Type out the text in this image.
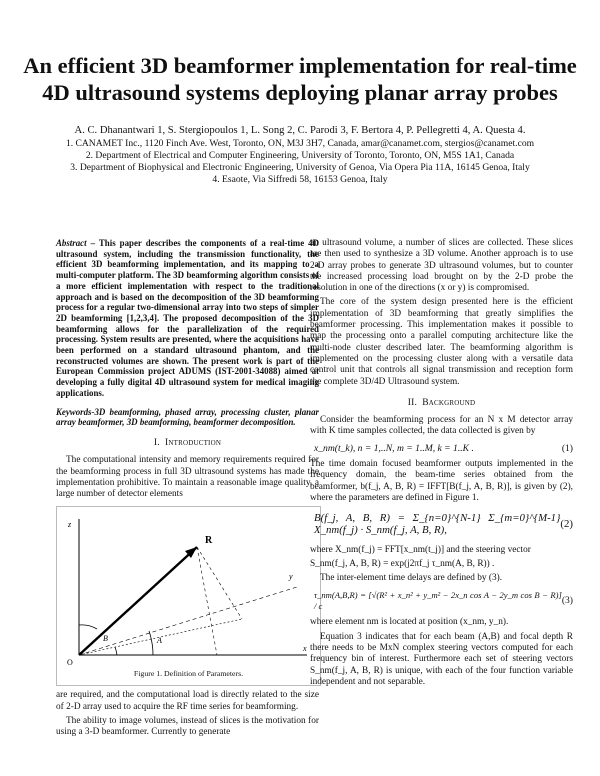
An efficient 3D beamformer implementation for real-time
4D ultrasound systems deploying planar array probes
A. C. Dhanantwari 1, S. Stergiopoulos 1, L. Song 2, C. Parodi 3, F. Bertora 4, P. Pellegretti 4, A. Questa 4.
1. CANAMET Inc., 1120 Finch Ave. West, Toronto, ON, M3J 3H7, Canada, amar@canamet.com, stergios@canamet.com
2. Department of Electrical and Computer Engineering, University of Toronto, Toronto, ON, M5S 1A1, Canada
3. Department of Biophysical and Electronic Engineering, University of Genoa, Via Opera Pia 11A, 16145 Genoa, Italy
4. Esaote, Via Siffredi 58, 16153 Genoa, Italy

Abstract – This paper describes the components of a real-time 4D ultrasound system, including the transmission functionality, the efficient 3D beamforming implementation, and its mapping to a multi-computer platform. The 3D beamforming algorithm consists of a more efficient implementation with respect to the traditional approach and is based on the decomposition of the 3D beamforming process for a regular two-dimensional array into two steps of simpler 2D beamforming [1,2,3,4]. The proposed decomposition of the 3D beamforming allows for the parallelization of the required processing. System results are presented, where the acquisitions have been performed on a standard ultrasound phantom, and the reconstructed volumes are shown. The present work is part of the European Commission project ADUMS (IST-2001-34088) aimed at developing a fully digital 4D ultrasound system for medical imaging applications.

Keywords-3D beamforming, phased array, processing cluster, planar array beamformer, 3D beamforming, beamformer decomposition.

I. Introduction

The computational intensity and memory requirements required for the beamforming process in full 3D ultrasound systems has made the implementation prohibitive. To maintain a reasonable image quality, a large number of detector elements

z
y
x
O
R
A
B
Figure 1. Definition of Parameters.

are required, and the computational load is directly related to the size of 2-D array used to acquire the RF time series for beamforming.

The ability to image volumes, instead of slices is the motivation for using a 3-D beamformer. Currently to generate

an ultrasound volume, a number of slices are collected. These slices are then used to synthesize a 3D volume. Another approach is to use 2-D array probes to generate 3D ultrasound volumes, but to counter the increased processing load brought on by the 2-D probe the resolution in one of the directions (x or y) is compromised.

The core of the system design presented here is the efficient implementation of 3D beamforming that greatly simplifies the beamformer processing. This implementation makes it possible to map the processing onto a parallel computing architecture like the multi-node cluster described later. The beamforming algorithm is implemented on the processing cluster along with a versatile data control unit that controls all signal transmission and reception form the complete 3D/4D Ultrasound system.

II. Background

Consider the beamforming process for an N x M detector array with K time samples collected, the data collected is given by

x_nm(t_k), n = 1,..N, m = 1..M, k = 1..K .	(1)

The time domain focused beamformer outputs implemented in the frequency domain, the beam-time series obtained from the beamformer, b(f_j, A, B, R) = IFFT[B(f_j, A, B, R)], is given by (2), where the parameters are defined in Figure 1.

B(f_j, A, B, R) = Σ_{n=0}^{N-1} Σ_{m=0}^{M-1} X_nm(f_j) · S_nm(f_j, A, B, R),	(2)

where X_nm(f_j) = FFT[x_nm(t_j)] and the steering vector

S_nm(f_j, A, B, R) = exp(j2πf_j τ_nm(A, B, R)) .

The inter-element time delays are defined by (3).

τ_nm(A,B,R) = [√(R² + x_n² + y_m² − 2x_n cos A − 2y_m cos B − R)] / c	(3)

where element nm is located at position (x_nm, y_n).

Equation 3 indicates that for each beam (A,B) and focal depth R there needs to be MxN complex steering vectors computed for each frequency bin of interest. Furthermore each set of steering vectors S_nm(f_j, A, B, R) is unique, with each of the four function variable independent and not separable.
